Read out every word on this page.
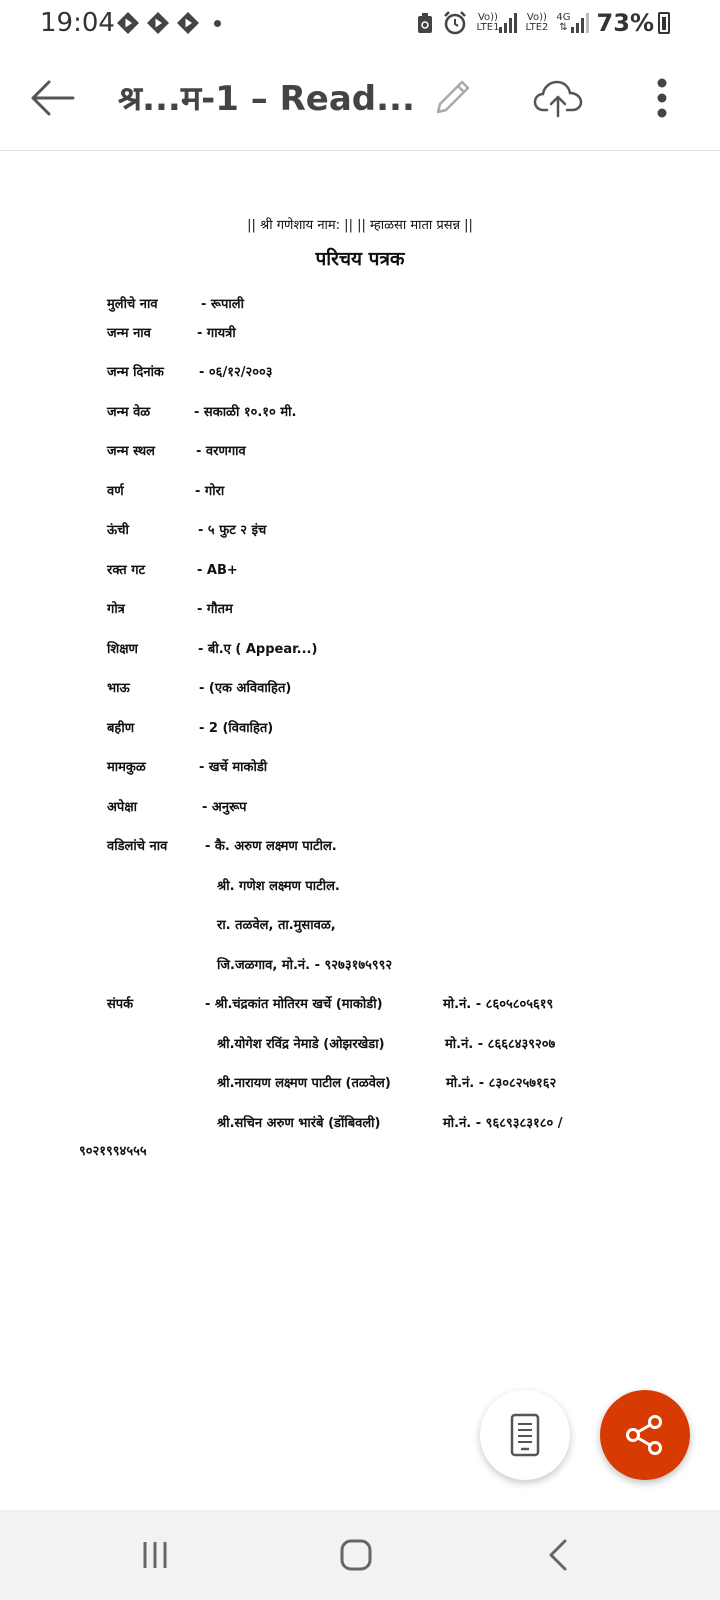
19:04	Vo))
LTE1
Vo))
LTE2
4G
⇅ 73%
श्र...म-1 – Read...
|| श्री गणेशाय नाम: || || म्हाळसा माता प्रसन्न ||
परिचय पत्रक
मुलीचे नाव	- रूपाली
जन्म नाव	- गायत्री
जन्म दिनांक	- ०६/१२/२००३
जन्म वेळ	- सकाळी १०.१० मी.
जन्म स्थल	- वरणगाव
वर्ण	- गोरा
ऊंची	- ५ फुट २ इंच
रक्त गट	- AB+
गोत्र	- गौतम
शिक्षण	- बी.ए ( Appear...)
भाऊ	- (एक अविवाहित)
बहीण	- 2 (विवाहित)
मामकुळ	- खर्चे माकोडी
अपेक्षा	- अनुरूप
वडिलांचे नाव	- कै. अरुण लक्ष्मण पाटील.
श्री. गणेश लक्ष्मण पाटील.
रा. तळवेल, ता.मुसावळ,
जि.जळगाव, मो.नं. - ९२७३१७५९९२
संपर्क	- श्री.चंद्रकांत मोतिरम खर्चे (माकोडी)	मो.नं. - ८६०५८०५६१९
श्री.योगेश रविंद्र नेमाडे (ओझरखेडा)	मो.नं. - ८६६८४३९२०७
श्री.नारायण लक्ष्मण पाटील (तळवेल)	मो.नं. - ८३०८२५७१६२
श्री.सचिन अरुण भारंबे (डोंबिवली)	मो.नं. - ९६८९३८३१८० /
९०२१९९४५५५
